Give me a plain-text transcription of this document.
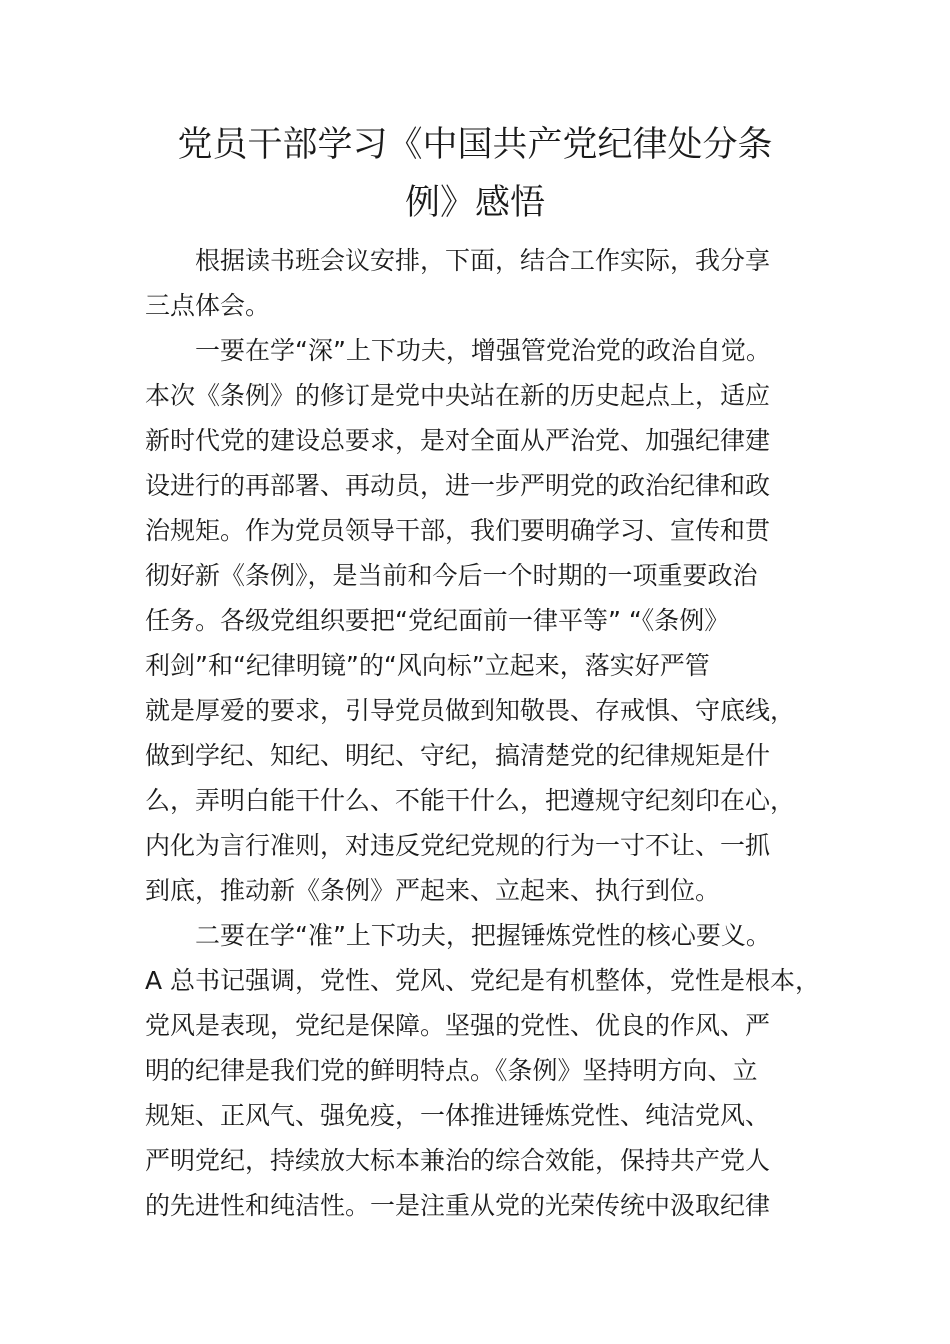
党员干部学习《中国共产党纪律处分条
例》感悟
根据读书班会议安排，下面，结合工作实际，我分享
三点体会。
一要在学“深”上下功夫，增强管党治党的政治自觉。
本次《条例》的修订是党中央站在新的历史起点上，适应
新时代党的建设总要求，是对全面从严治党、加强纪律建
设进行的再部署、再动员，进一步严明党的政治纪律和政
治规矩。作为党员领导干部，我们要明确学习、宣传和贯
彻好新《条例》，是当前和今后一个时期的一项重要政治
任务。各级党组织要把“党纪面前一律平等” “《条例》
利剑”和“纪律明镜”的“风向标”立起来，落实好严管
就是厚爱的要求，引导党员做到知敬畏、存戒惧、守底线，
做到学纪、知纪、明纪、守纪，搞清楚党的纪律规矩是什
么，弄明白能干什么、不能干什么，把遵规守纪刻印在心，
内化为言行准则，对违反党纪党规的行为一寸不让、一抓
到底，推动新《条例》严起来、立起来、执行到位。
二要在学“准”上下功夫，把握锤炼党性的核心要义。
A 总书记强调，党性、党风、党纪是有机整体，党性是根本，
党风是表现，党纪是保障。坚强的党性、优良的作风、严
明的纪律是我们党的鲜明特点。《条例》坚持明方向、立
规矩、正风气、强免疫，一体推进锤炼党性、纯洁党风、
严明党纪，持续放大标本兼治的综合效能，保持共产党人
的先进性和纯洁性。一是注重从党的光荣传统中汲取纪律
